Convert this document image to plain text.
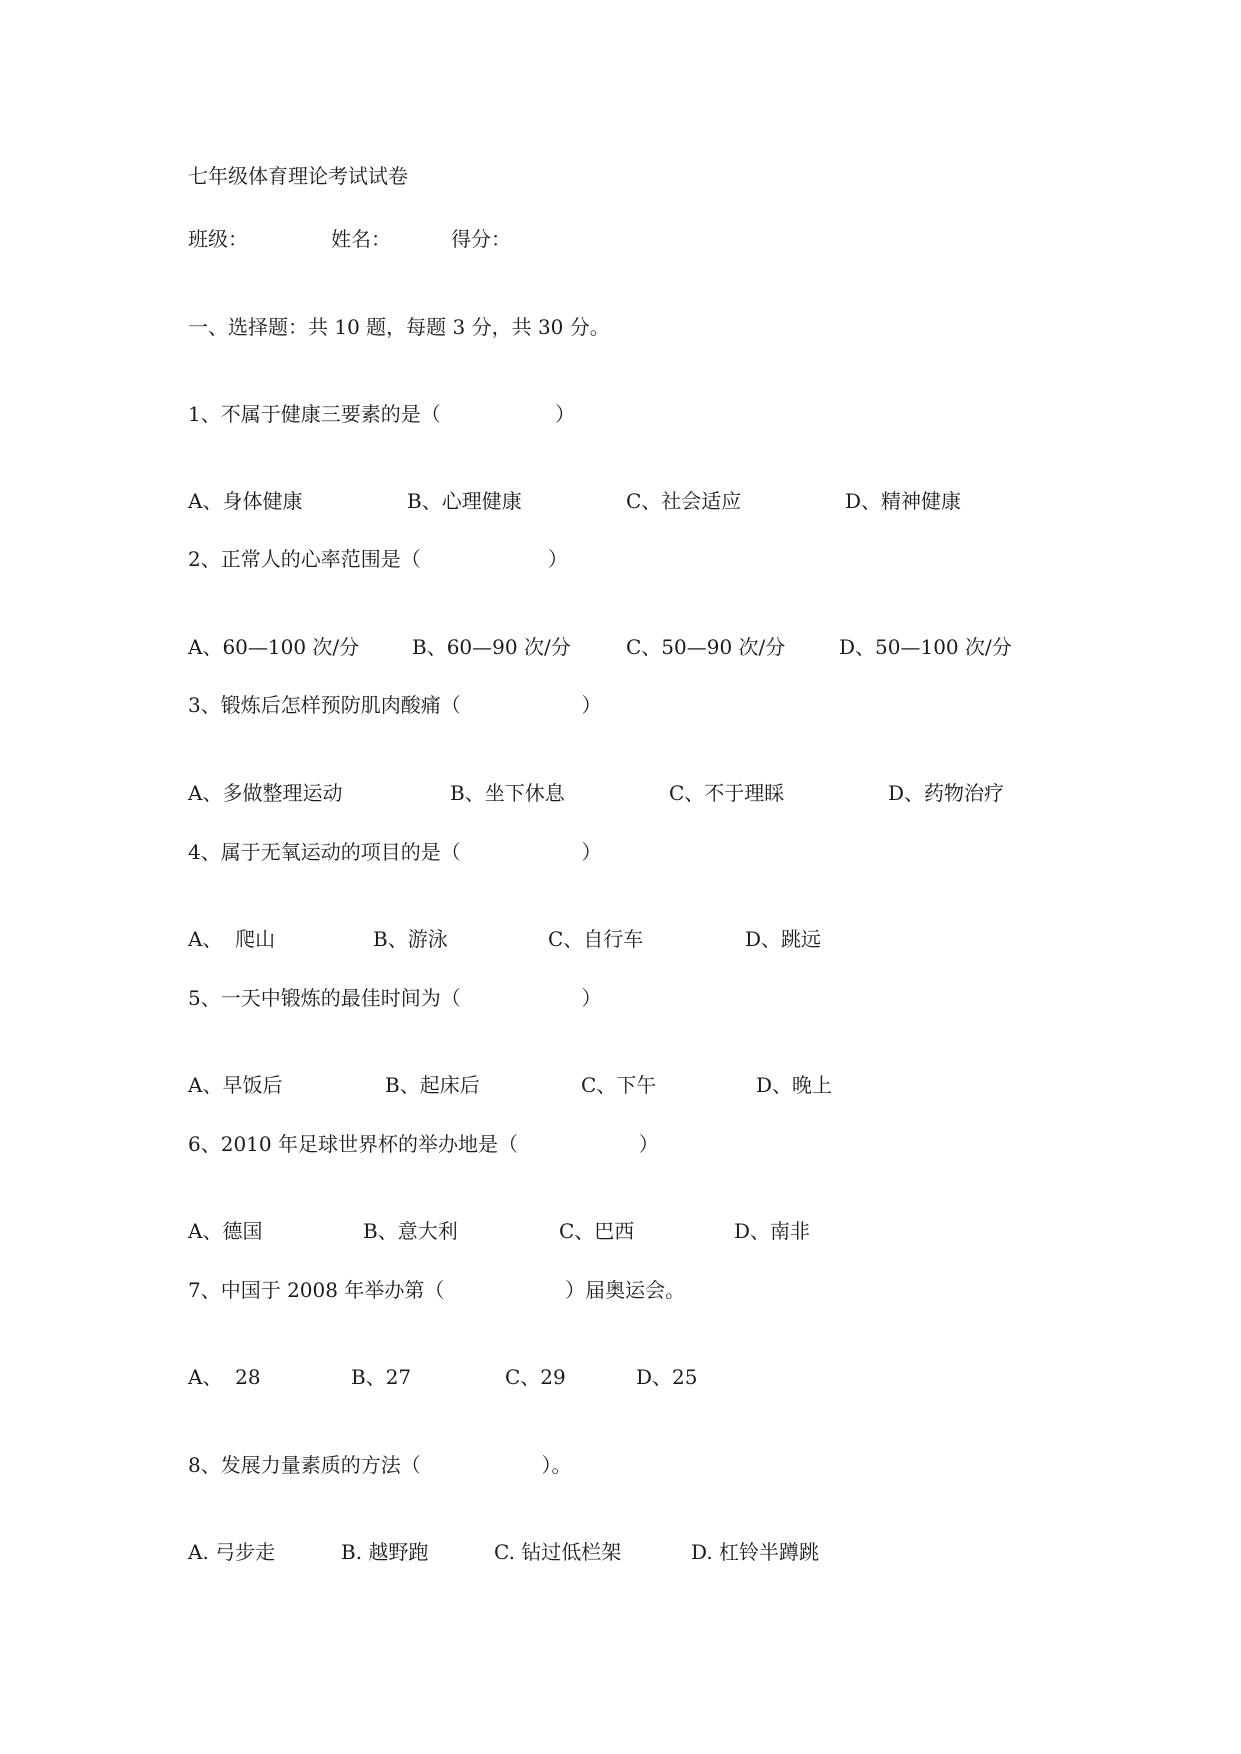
七年级体育理论考试试卷
班级：	姓名：	得分：
一、选择题：共 10 题，每题 3 分，共 30 分。
1、不属于健康三要素的是（                  ）
A、身体健康	B、心理健康	C、社会适应	D、精神健康
2、正常人的心率范围是（                    ）
A、60—100 次/分	B、60—90 次/分	C、50—90 次/分	D、50—100 次/分
3、锻炼后怎样预防肌肉酸痛（                   ）
A、多做整理运动	B、坐下休息	C、不于理睬	D、药物治疗
4、属于无氧运动的项目的是（                   ）
A、  爬山	B、游泳	C、自行车	D、跳远
5、一天中锻炼的最佳时间为（                   ）
A、早饭后	B、起床后	C、下午	D、晚上
6、2010 年足球世界杯的举办地是（                   ）
A、德国	B、意大利	C、巴西	D、南非
7、中国于 2008 年举办第（                   ）届奥运会。
A、  28	B、27	C、29	D、25
8、发展力量素质的方法（                   ）。
A. 弓步走	B. 越野跑	C. 钻过低栏架	D. 杠铃半蹲跳
